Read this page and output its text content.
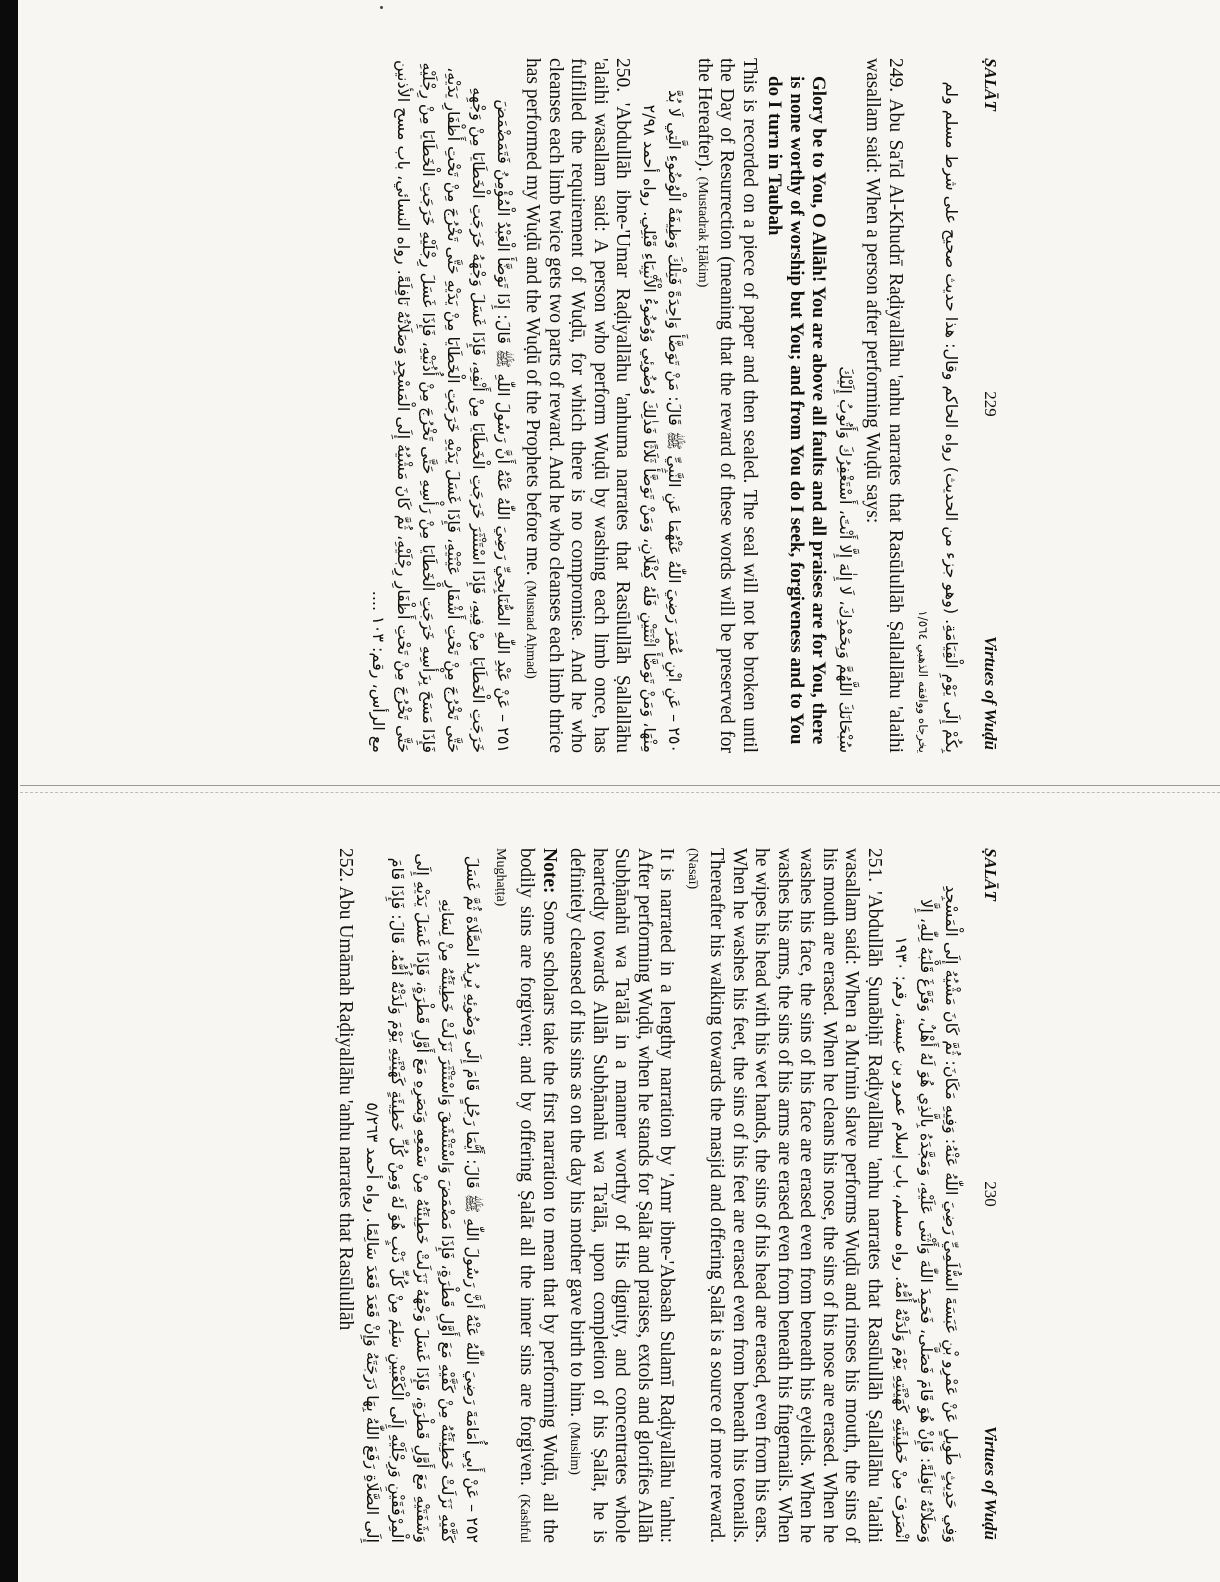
ṢALĀT
229
Virtues of Wuḍū

بِكُمْ إِلَى يَوْمِ الْقِيَامَةِ. (وهو جزء من الحديث) رواه الحاكم وقال: هذا حديث صحيح على شرط مسلم ولم

يخرجاه ووافقه الذهبي ١/٥٦٤

249. Abu Sa'īd Al-Khudrī Raḍiyallāhu 'anhu narrates that Rasūlullāh Ṣallallāhu 'alaihi wasallam said: When a person after performing Wuḍū says:

سُبْحَانَكَ اللَّهُمَّ وَبِحَمْدِكَ، لَا إِلٰهَ إِلَّا أَنْتَ، أَسْتَغْفِرُكَ وَأَتُوبُ إِلَيْكَ

Glory be to You, O Allāh! You are above all faults and all praises are for You, there is none worthy of worship but You; and from You do I seek, forgiveness and to You do I turn in Taubah

This is recorded on a piece of paper and then sealed. The seal will not be broken until the Day of Resurrection (meaning that the reward of these words will be preserved for the Hereafter). (Mustadrak Ḥākim)

٢٥٠ – عَنِ ابْنِ عُمَرَ رَضِيَ اللّٰهُ عَنْهُمَا عَنِ النَّبِيِّ ﷺ قَالَ: مَنْ تَوَضَّأَ وَاحِدَةً فَتِلْكَ وَظِيفَةُ الْوُضُوءِ الَّتِي لَا بُدَّ مِنْهَا، وَمَنْ تَوَضَّأَ اثْنَتَيْنِ فَلَهُ كِفْلَانِ، وَمَنْ تَوَضَّأَ ثَلَاثًا فَذٰلِكَ وُضُوئِي وَوُضُوءُ الْأَنْبِيَاءِ قَبْلِي. رواه أحمد ٢/٩٨

250. 'Abdullāh ibne-'Umar Raḍiyallāhu 'anhuma narrates that Rasūlullāh Ṣallallāhu 'alaihi wasallam said: A person who perform Wuḍū by washing each limb once, has fulfilled the requirement of Wuḍū, for which there is no compromise. And he who cleanses each limb twice gets two parts of reward. And he who cleanses each limb thrice has performed my Wuḍū and the Wuḍū of the Prophets before me. (Musnad Aḥmad)

٢٥١ – عَنْ عَبْدِ اللّٰهِ الصُّنَابِحِيِّ رَضِيَ اللّٰهُ عَنْهُ أَنَّ رَسُولَ اللّٰهِ ﷺ قَالَ: إِذَا تَوَضَّأَ الْعَبْدُ الْمُؤْمِنُ فَتَمَضْمَضَ خَرَجَتِ الْخَطَايَا مِنْ فِيهِ، فَإِذَا اسْتَنْثَرَ خَرَجَتِ الْخَطَايَا مِنْ أَنْفِهِ، فَإِذَا غَسَلَ وَجْهَهُ خَرَجَتِ الْخَطَايَا مِنْ وَجْهِهِ حَتَّى تَخْرُجَ مِنْ تَحْتِ أَشْفَارِ عَيْنَيْهِ، فَإِذَا غَسَلَ يَدَيْهِ خَرَجَتِ الْخَطَايَا مِنْ يَدَيْهِ حَتَّى تَخْرُجَ مِنْ تَحْتِ أَظْفَارِ يَدَيْهِ، فَإِذَا مَسَحَ بِرَأْسِهِ خَرَجَتِ الْخَطَايَا مِنْ رَأْسِهِ حَتَّى تَخْرُجَ مِنْ أُذُنَيْهِ، فَإِذَا غَسَلَ رِجْلَيْهِ خَرَجَتِ الْخَطَايَا مِنْ رِجْلَيْهِ حَتَّى تَخْرُجَ مِنْ تَحْتِ أَظْفَارِ رِجْلَيْهِ، ثُمَّ كَانَ مَشْيُهُ إِلَى الْمَسْجِدِ وَصَلَاتُهُ نَافِلَةً. رواه النسائي، باب مسح الأذنين مع الرأس، رقم: ١٠٣ ....

ṢALĀT
230
Virtues of Wuḍū

وَفِي حَدِيثٍ طَوِيلٍ عَنْ عَمْرِو بْنِ عَبَسَةَ السُّلَمِيِّ رَضِيَ اللّٰهُ عَنْهُ: وَفِيهِ مَكَانَ: ثُمَّ كَانَ مَشْيُهُ إِلَى الْمَسْجِدِ وَصَلَاتُهُ نَافِلَةً: فَإِنْ هُوَ قَامَ فَصَلَّى، فَحَمِدَ اللّٰهَ وَأَثْنَى عَلَيْهِ، وَمَجَّدَهُ بِالَّذِي هُوَ لَهُ أَهْلٌ، وَفَرَّغَ قَلْبَهُ لِلّٰهِ، إِلَّا انْصَرَفَ مِنْ خَطِيئَتِهِ كَهَيْئَتِهِ يَوْمَ وَلَدَتْهُ أُمُّهُ. رواه مسلم، باب إسلام عمرو بن عبسة، رقم: ١٩٣٠

251. 'Abdullāh Ṣunābiḥī Raḍiyallāhu 'anhu narrates that Rasūlullāh Ṣallallāhu 'alaihi wasallam said: When a Mu'min slave performs Wuḍū and rinses his mouth, the sins of his mouth are erased. When he cleans his nose, the sins of his nose are erased. When he washes his face, the sins of his face are erased even from beneath his eyelids. When he washes his arms, the sins of his arms are erased even from beneath his fingernails. When he wipes his head with his wet hands, the sins of his head are erased, even from his ears. When he washes his feet, the sins of his feet are erased even from beneath his toenails. Thereafter his walking towards the masjid and offering Ṣalāt is a source of more reward. (Nasaī)

It is narrated in a lengthy narration by 'Amr ibne-'Abasah Sulamī Raḍiyallāhu 'anhu: After performing Wuḍū, when he stands for Ṣalāt and praises, extols and glorifies Allāh Subḥānahū wa Ta'ālā in a manner worthy of His dignity, and concentrates whole heartedly towards Allāh Subḥānahū wa Ta'ālā, upon completion of his Ṣalāt, he is definitely cleansed of his sins as on the day his mother gave birth to him. (Muslim)

Note: Some scholars take the first narration to mean that by performing Wuḍū, all the bodily sins are forgiven; and by offering Ṣalāt all the inner sins are forgiven. (Kashful Mughaṭṭa)

٢٥٢ – عَنْ أَبِي أُمَامَةَ رَضِيَ اللّٰهُ عَنْهُ أَنَّ رَسُولَ اللّٰهِ ﷺ قَالَ: أَيُّمَا رَجُلٍ قَامَ إِلَى وَضُوئِهِ يُرِيدُ الصَّلَاةَ ثُمَّ غَسَلَ كَفَّيْهِ نَزَلَتْ خَطِيئَتُهُ مِنْ كَفَّيْهِ مَعَ أَوَّلِ قَطْرَةٍ، فَإِذَا مَضْمَضَ وَاسْتَنْشَقَ وَاسْتَنْثَرَ نَزَلَتْ خَطِيئَتُهُ مِنْ لِسَانِهِ وَشَفَتَيْهِ مَعَ أَوَّلِ قَطْرَةٍ، فَإِذَا غَسَلَ وَجْهَهُ نَزَلَتْ خَطِيئَتُهُ مِنْ سَمْعِهِ وَبَصَرِهِ مَعَ أَوَّلِ قَطْرَةٍ، فَإِذَا غَسَلَ يَدَيْهِ إِلَى الْمِرْفَقَيْنِ وَرِجْلَيْهِ إِلَى الْكَعْبَيْنِ سَلِمَ مِنْ كُلِّ ذَنْبٍ هُوَ لَهُ وَمِنْ كُلِّ خَطِيئَةٍ كَهَيْئَتِهِ يَوْمَ وَلَدَتْهُ أُمُّهُ. قَالَ: فَإِذَا قَامَ إِلَى الصَّلَاةِ رَفَعَ اللّٰهُ بِهَا دَرَجَتَهُ وَإِنْ قَعَدَ قَعَدَ سَالِمًا. رواه أحمد ٥/٢٦٣

252. Abu Umāmah Raḍiyallāhu 'anhu narrates that Rasūlullāh
